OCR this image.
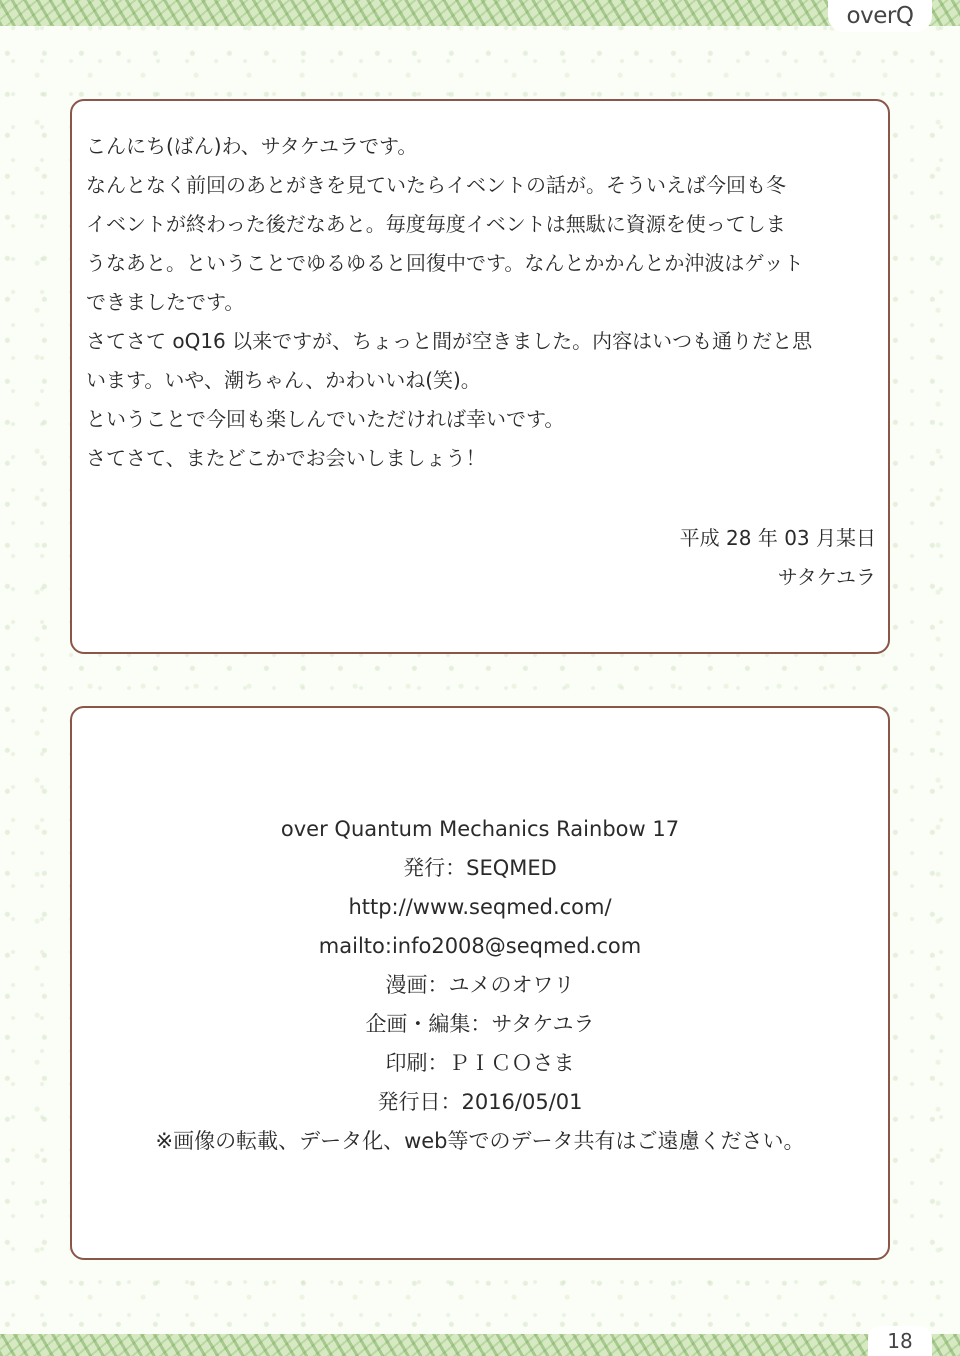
overQ

こんにち(ばん)わ、サタケユラです。

なんとなく前回のあとがきを見ていたらイベントの話が。そういえば今回も冬

イベントが終わった後だなあと。毎度毎度イベントは無駄に資源を使ってしま

うなあと。ということでゆるゆると回復中です。なんとかかんとか沖波はゲット

できましたです。

さてさて oQ16 以来ですが、ちょっと間が空きました。内容はいつも通りだと思

います。いや、潮ちゃん、かわいいね(笑)。

ということで今回も楽しんでいただければ幸いです。

さてさて、またどこかでお会いしましょう！

平成 28 年 03 月某日
サタケユラ
over Quantum Mechanics Rainbow 17
発行：SEQMED
http://www.seqmed.com/
mailto:info2008@seqmed.com
漫画：ユメのオワリ
企画・編集：サタケユラ
印刷：ＰＩＣＯさま
発行日：2016/05/01
※画像の転載、データ化、web等でのデータ共有はご遠慮ください。
18
